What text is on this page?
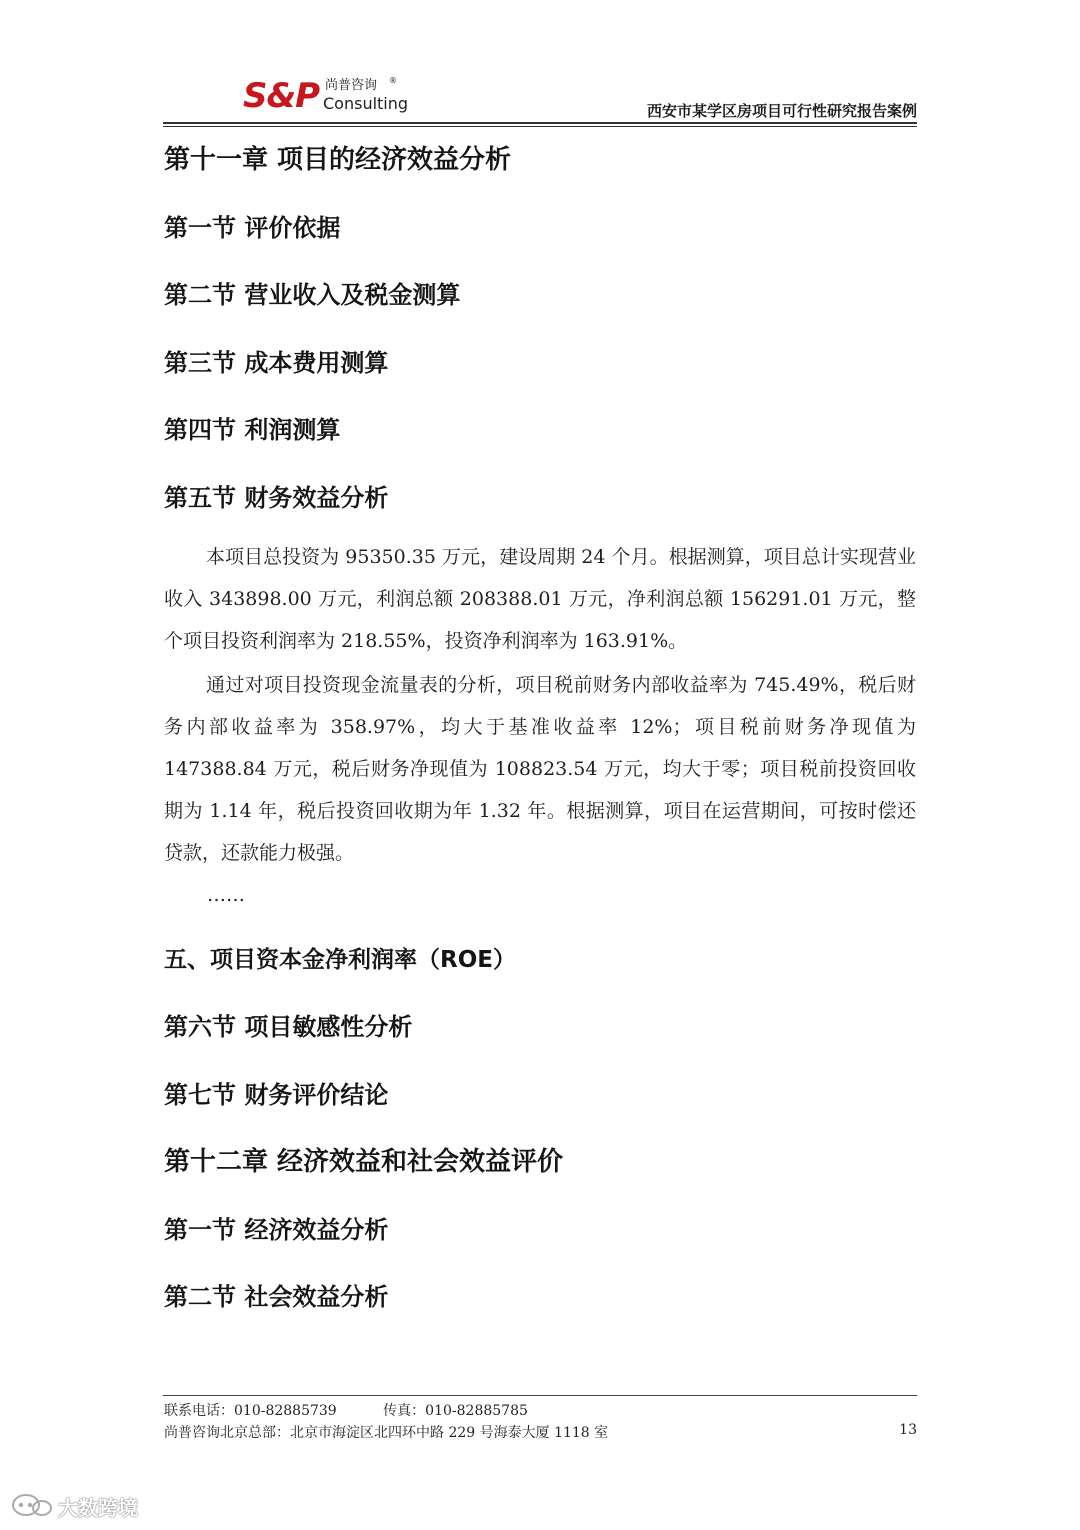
S&P 尚普咨询 ®
Consulting	西安市某学区房项目可行性研究报告案例
第十一章 项目的经济效益分析
第一节 评价依据
第二节 营业收入及税金测算
第三节 成本费用测算
第四节 利润测算
第五节 财务效益分析

本项目总投资为 95350.35 万元，建设周期 24 个月。根据测算，项目总计实现营业收入 343898.00 万元，利润总额 208388.01 万元，净利润总额 156291.01 万元，整个项目投资利润率为 218.55%，投资净利润率为 163.91%。

通过对项目投资现金流量表的分析，项目税前财务内部收益率为 745.49%，税后财务内部收益率为 358.97%，均大于基准收益率 12%；项目税前财务净现值为 147388.84 万元，税后财务净现值为 108823.54 万元，均大于零；项目税前投资回收期为 1.14 年，税后投资回收期为年 1.32 年。根据测算，项目在运营期间，可按时偿还贷款，还款能力极强。

……

五、项目资本金净利润率（ROE）
第六节 项目敏感性分析
第七节 财务评价结论
第十二章 经济效益和社会效益评价
第一节 经济效益分析
第二节 社会效益分析
联系电话：010-82885739	传真：010-82885785
尚普咨询北京总部：北京市海淀区北四环中路 229 号海泰大厦 1118 室	13
大数跨境
